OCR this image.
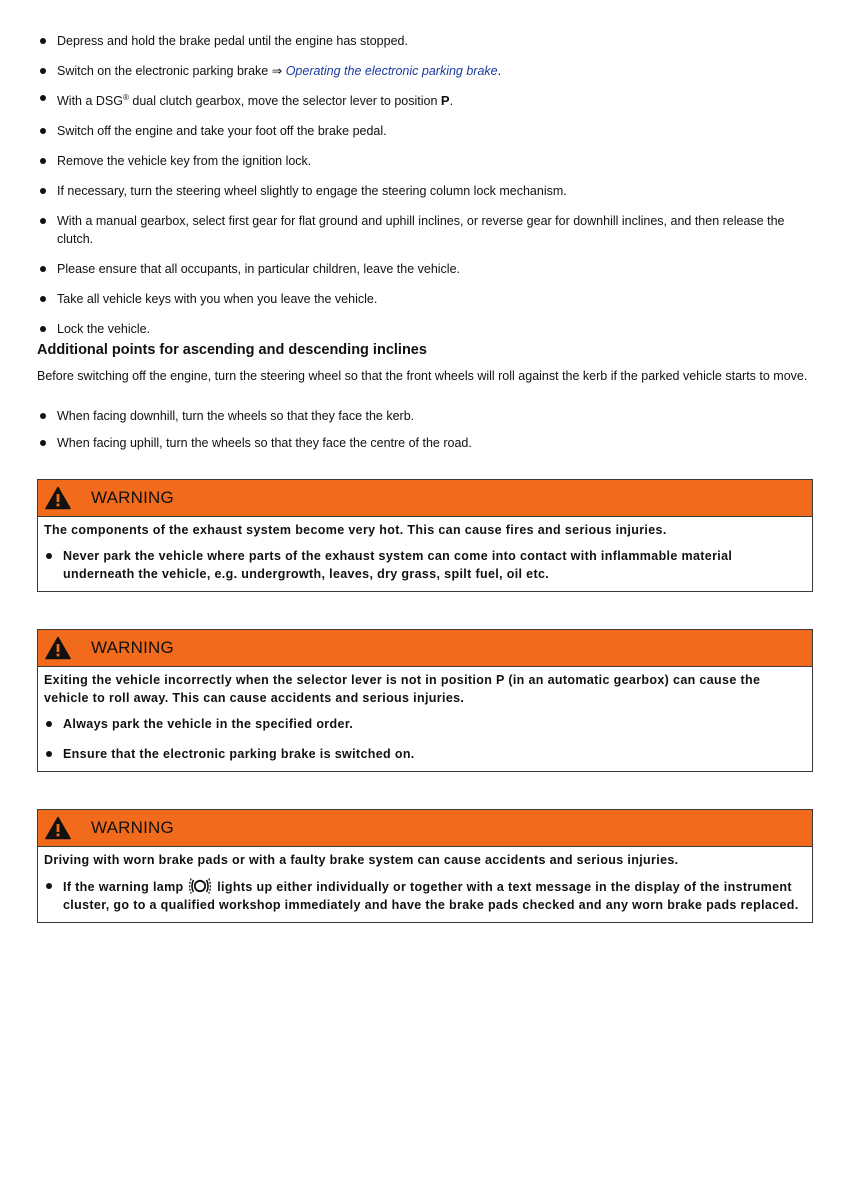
Depress and hold the brake pedal until the engine has stopped.
Switch on the electronic parking brake ⇒ Operating the electronic parking brake.
With a DSG® dual clutch gearbox, move the selector lever to position P.
Switch off the engine and take your foot off the brake pedal.
Remove the vehicle key from the ignition lock.
If necessary, turn the steering wheel slightly to engage the steering column lock mechanism.
With a manual gearbox, select first gear for flat ground and uphill inclines, or reverse gear for downhill inclines, and then release the clutch.
Please ensure that all occupants, in particular children, leave the vehicle.
Take all vehicle keys with you when you leave the vehicle.
Lock the vehicle.
Additional points for ascending and descending inclines

Before switching off the engine, turn the steering wheel so that the front wheels will roll against the kerb if the parked vehicle starts to move.

When facing downhill, turn the wheels so that they face the kerb.
When facing uphill, turn the wheels so that they face the centre of the road.
WARNING

The components of the exhaust system become very hot. This can cause fires and serious injuries.

Never park the vehicle where parts of the exhaust system can come into contact with inflammable material underneath the vehicle, e.g. undergrowth, leaves, dry grass, spilt fuel, oil etc.
WARNING

Exiting the vehicle incorrectly when the selector lever is not in position P (in an automatic gearbox) can cause the vehicle to roll away. This can cause accidents and serious injuries.

Always park the vehicle in the specified order.
Ensure that the electronic parking brake is switched on.
WARNING

Driving with worn brake pads or with a faulty brake system can cause accidents and serious injuries.

If the warning lamp	lights up either individually or together with a text message in the display of the instrument cluster, go to a qualified workshop immediately and have the brake pads checked and any worn brake pads replaced.
